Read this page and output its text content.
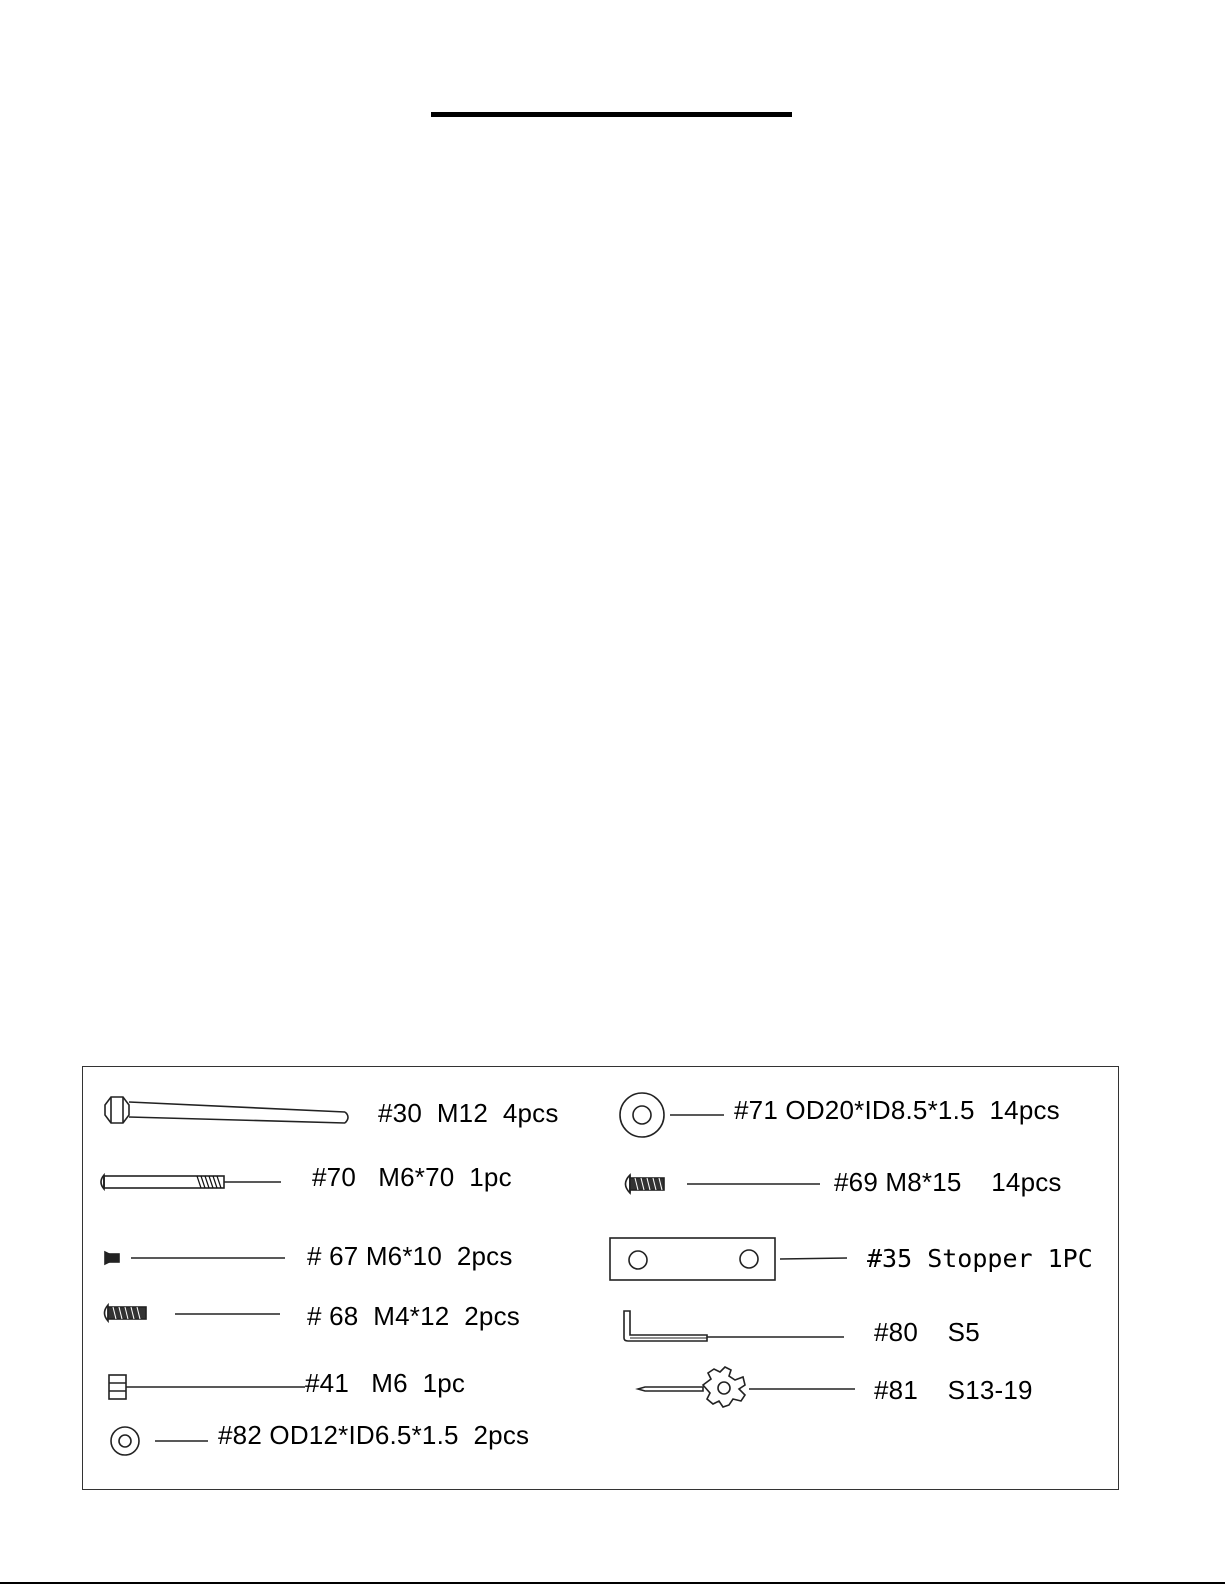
#30  M12  4pcs
#70   M6*70  1pc
# 67 M6*10  2pcs
# 68  M4*12  2pcs
#41   M6  1pc
#82 OD12*ID6.5*1.5  2pcs
#71 OD20*ID8.5*1.5  14pcs
#69 M8*15    14pcs
#35 Stopper 1PC
#80    S5
#81    S13-19
